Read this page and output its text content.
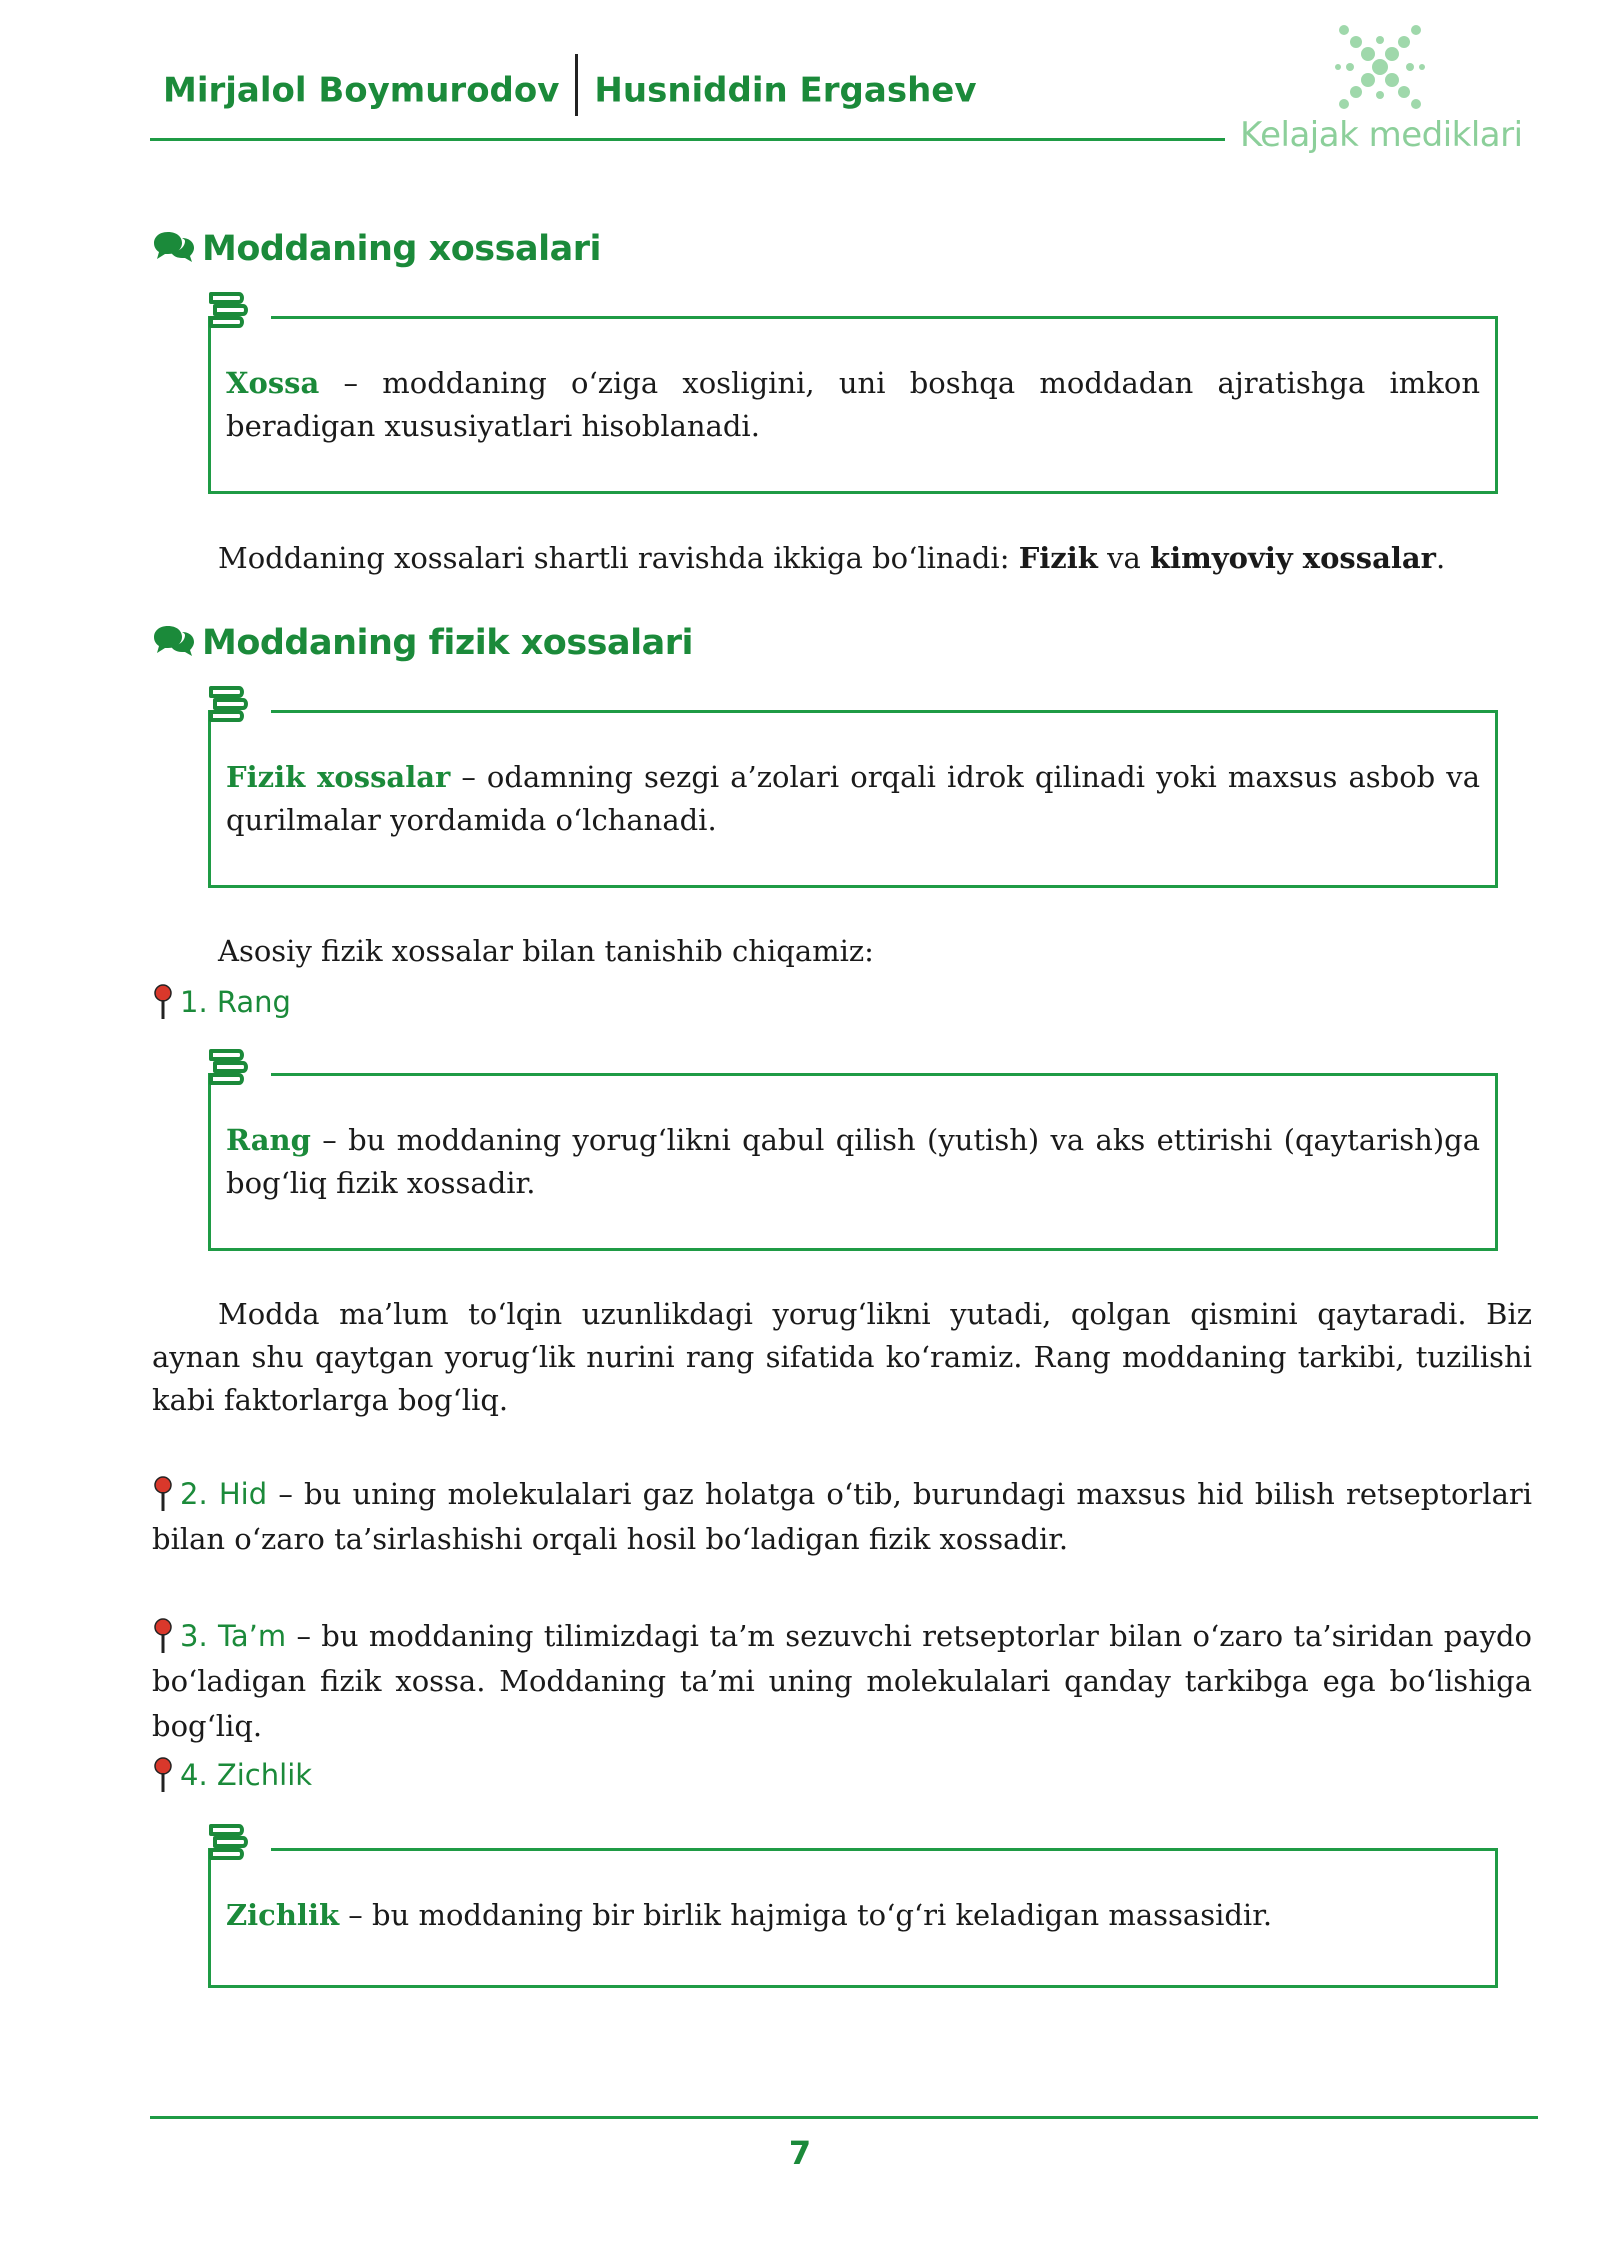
Mirjalol Boymurodov Husniddin Ergashev
Kelajak mediklari
Moddaning xossalari
Xossa – moddaning o‘ziga xosligini, uni boshqa moddadan ajratishga imkon beradigan xususiyatlari hisoblanadi.
Moddaning xossalari shartli ravishda ikkiga bo‘linadi: Fizik va kimyoviy xossalar.
Moddaning fizik xossalari
Fizik xossalar – odamning sezgi a’zolari orqali idrok qilinadi yoki maxsus asbob va qurilmalar yordamida o‘lchanadi.
Asosiy fizik xossalar bilan tanishib chiqamiz:
1. Rang
Rang – bu moddaning yorug‘likni qabul qilish (yutish) va aks ettirishi (qaytarish)ga bog‘liq fizik xossadir.
Modda ma’lum to‘lqin uzunlikdagi yorug‘likni yutadi, qolgan qismini qaytaradi. Biz aynan shu qaytgan yorug‘lik nurini rang sifatida ko‘ramiz. Rang moddaning tarkibi, tuzilishi kabi faktorlarga bog‘liq.
2. Hid – bu uning molekulalari gaz holatga o‘tib, burundagi maxsus hid bilish retseptorlari bilan o‘zaro ta’sirlashishi orqali hosil bo‘ladigan fizik xossadir.
3. Ta’m – bu moddaning tilimizdagi ta’m sezuvchi retseptorlar bilan o‘zaro ta’siridan paydo bo‘ladigan fizik xossa. Moddaning ta’mi uning molekulalari qanday tarkibga ega bo‘lishiga bog‘liq.
4. Zichlik
Zichlik – bu moddaning bir birlik hajmiga to‘g‘ri keladigan massasidir.
7
